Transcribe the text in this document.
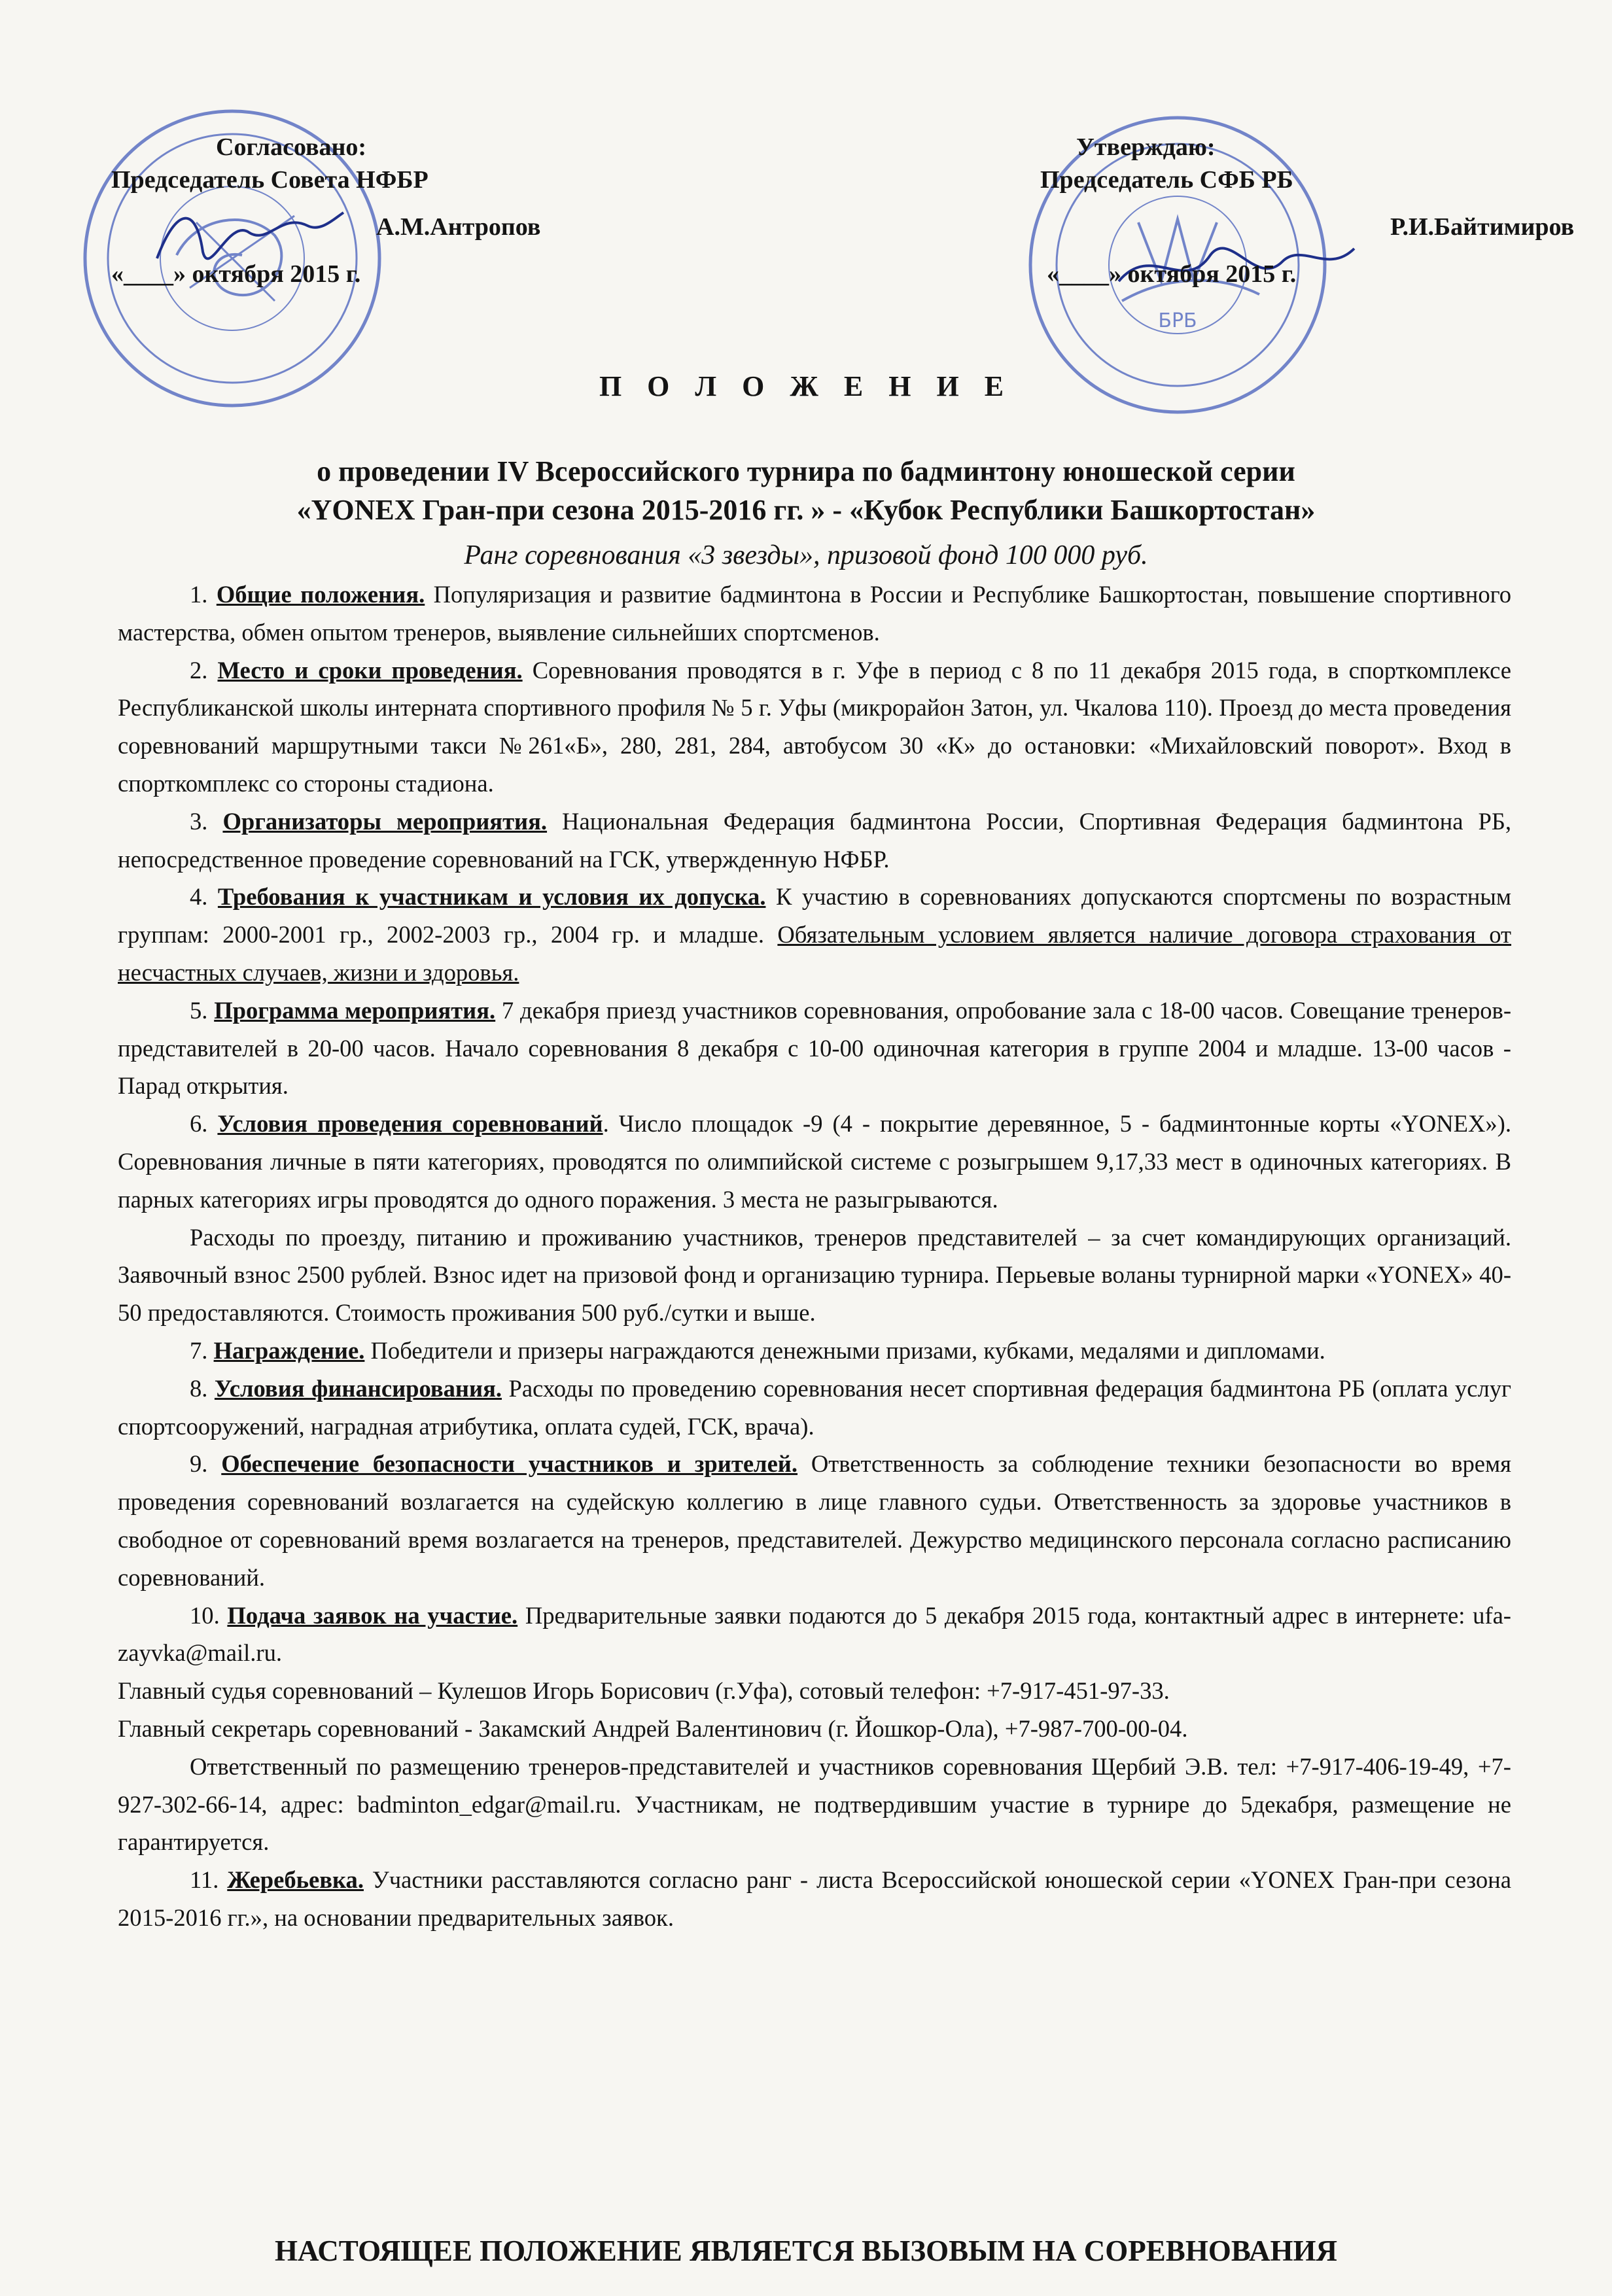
БРБ
Согласовано:
Председатель Совета НФБР
А.М.Антропов
«____» октября 2015 г.
Утверждаю:
Председатель СФБ РБ
Р.И.Байтимиров
«____» октября 2015 г.
П О Л О Ж Е Н И Е
о проведении IV Всероссийского турнира по бадминтону юношеской серии
«YONEX Гран-при сезона 2015-2016 гг. » - «Кубок Республики Башкортостан»
Ранг соревнования «3 звезды», призовой фонд 100 000 руб.

1. Общие положения. Популяризация и развитие бадминтона в России и Республике Башкортостан, повышение спортивного мастерства, обмен опытом тренеров, выявление сильнейших спортсменов.

2. Место и сроки проведения. Соревнования проводятся в г. Уфе в период с 8 по 11 декабря 2015 года, в спорткомплексе Республиканской школы интерната спортивного профиля № 5 г. Уфы (микрорайон Затон, ул. Чкалова 110). Проезд до места проведения соревнований маршрутными такси №261«Б», 280, 281, 284, автобусом 30 «К» до остановки: «Михайловский поворот». Вход в спорткомплекс со стороны стадиона.

3. Организаторы мероприятия. Национальная Федерация бадминтона России, Спортивная Федерация бадминтона РБ, непосредственное проведение соревнований на ГСК, утвержденную НФБР.

4. Требования к участникам и условия их допуска. К участию в соревнованиях допускаются спортсмены по возрастным группам: 2000-2001 гр., 2002-2003 гр., 2004 гр. и младше. Обязательным условием является наличие договора страхования от несчастных случаев, жизни и здоровья.

5. Программа мероприятия. 7 декабря приезд участников соревнования, опробование зала с 18-00 часов. Совещание тренеров-представителей в 20-00 часов. Начало соревнования 8 декабря с 10-00 одиночная категория в группе 2004 и младше. 13-00 часов - Парад открытия.

6. Условия проведения соревнований. Число площадок -9 (4 - покрытие деревянное, 5 - бадминтонные корты «YONEX»). Соревнования личные в пяти категориях, проводятся по олимпийской системе с розыгрышем 9,17,33 мест в одиночных категориях. В парных категориях игры проводятся до одного поражения. 3 места не разыгрываются.

Расходы по проезду, питанию и проживанию участников, тренеров представителей – за счет командирующих организаций. Заявочный взнос 2500 рублей. Взнос идет на призовой фонд и организацию турнира. Перьевые воланы турнирной марки «YONEX» 40-50 предоставляются. Стоимость проживания 500 руб./сутки и выше.

7. Награждение. Победители и призеры награждаются денежными призами, кубками, медалями и дипломами.

8. Условия финансирования. Расходы по проведению соревнования несет спортивная федерация бадминтона РБ (оплата услуг спортсооружений, наградная атрибутика, оплата судей, ГСК, врача).

9. Обеспечение безопасности участников и зрителей. Ответственность за соблюдение техники безопасности во время проведения соревнований возлагается на судейскую коллегию в лице главного судьи. Ответственность за здоровье участников в свободное от соревнований время возлагается на тренеров, представителей. Дежурство медицинского персонала согласно расписанию соревнований.

10. Подача заявок на участие. Предварительные заявки подаются до 5 декабря 2015 года, контактный адрес в интернете: ufa-zayvka@mail.ru.

Главный судья соревнований – Кулешов Игорь Борисович (г.Уфа), сотовый телефон: +7-917-451-97-33.

Главный секретарь соревнований - Закамский Андрей Валентинович (г. Йошкор-Ола), +7-987-700-00-04.

Ответственный по размещению тренеров-представителей и участников соревнования Щербий Э.В. тел: +7-917-406-19-49, +7-927-302-66-14, адрес: badminton_edgar@mail.ru. Участникам, не подтвердившим участие в турнире до 5декабря, размещение не гарантируется.

11. Жеребьевка. Участники расставляются согласно ранг - листа Всероссийской юношеской серии «YONEX Гран-при сезона 2015-2016 гг.», на основании предварительных заявок.

НАСТОЯЩЕЕ ПОЛОЖЕНИЕ ЯВЛЯЕТСЯ ВЫЗОВЫМ НА СОРЕВНОВАНИЯ
